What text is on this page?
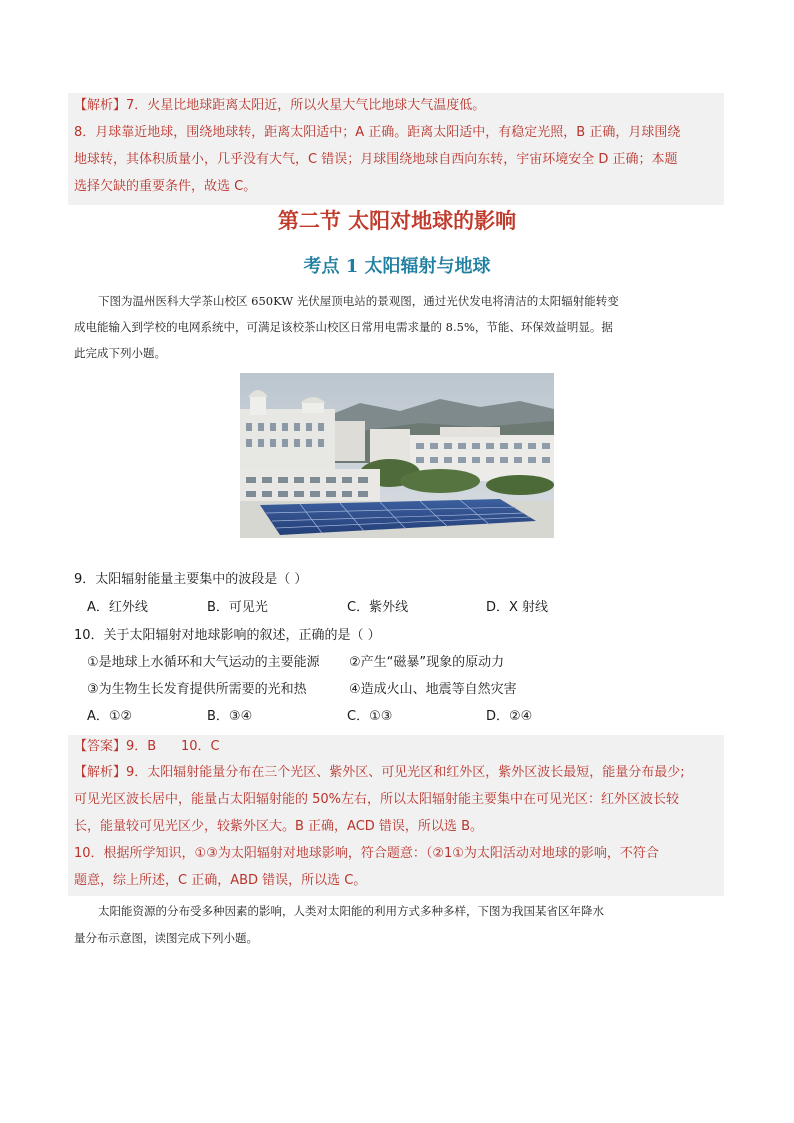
【解析】7．火星比地球距离太阳近，所以火星大气比地球大气温度低。
8．月球靠近地球，围绕地球转，距离太阳适中；A 正确。距离太阳适中，有稳定光照，B 正确，月球围绕
地球转，其体积质量小，几乎没有大气，C 错误；月球围绕地球自西向东转，宇宙环境安全 D 正确；本题
选择欠缺的重要条件，故选 C。
第二节 太阳对地球的影响
考点 1 太阳辐射与地球
下图为温州医科大学茶山校区 650KW 光伏屋顶电站的景观图，通过光伏发电将清洁的太阳辐射能转变
成电能输入到学校的电网系统中，可满足该校茶山校区日常用电需求量的 8.5%，节能、环保效益明显。据
此完成下列小题。
9．太阳辐射能量主要集中的波段是（ ）
A．红外线	B．可见光	C．紫外线	D．X 射线
10．关于太阳辐射对地球影响的叙述，正确的是（ ）
①是地球上水循环和大气运动的主要能源 ②产生“磁暴”现象的原动力
③为生物生长发育提供所需要的光和热	④造成火山、地震等自然灾害
A．①②	B．③④	C．①③	D．②④
【答案】9．B      10．C
【解析】9．太阳辐射能量分布在三个光区、紫外区、可见光区和红外区，紫外区波长最短，能量分布最少;
可见光区波长居中，能量占太阳辐射能的 50%左右，所以太阳辐射能主要集中在可见光区：红外区波长较
长，能量较可见光区少，较紫外区大。B 正确，ACD 错误，所以选 B。
10．根据所学知识，①③为太阳辐射对地球影响，符合题意：（②1①为太阳活动对地球的影响，不符合
题意，综上所述，C 正确，ABD 错误，所以选 C。
太阳能资源的分布受多种因素的影响，人类对太阳能的利用方式多种多样，下图为我国某省区年降水
量分布示意图，读图完成下列小题。
